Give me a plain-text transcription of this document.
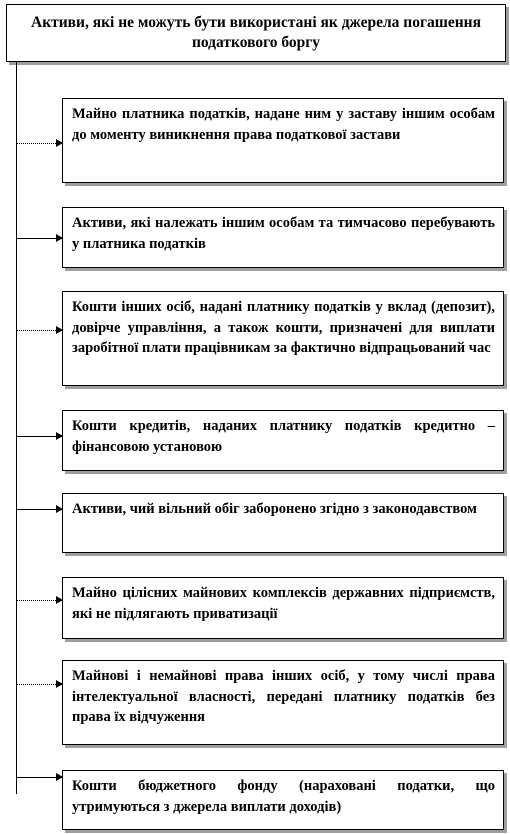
Активи, які не можуть бути використані як джерела погашення податкового боргу
Майно платника податків, надане ним у заставу іншим особам до моменту виникнення права податкової застави
Активи, які належать іншим особам та тимчасово перебувають у платника податків
Кошти інших осіб, надані платнику податків у вклад (депозит), довірче управління, а також кошти, призначені для виплати заробітної плати працівникам за фактично відпрацьований час
Кошти кредитів, наданих платнику податків кредитно – фінансовою установою
Активи, чий вільний обіг заборонено згідно з законодавством
Майно цілісних майнових комплексів державних підприємств, які не підлягають приватизації
Майнові і немайнові права інших осіб, у тому числі права інтелектуальної власності, передані платнику податків без права їх відчуження
Кошти бюджетного фонду (нараховані податки, що утримуються з джерела виплати доходів)
